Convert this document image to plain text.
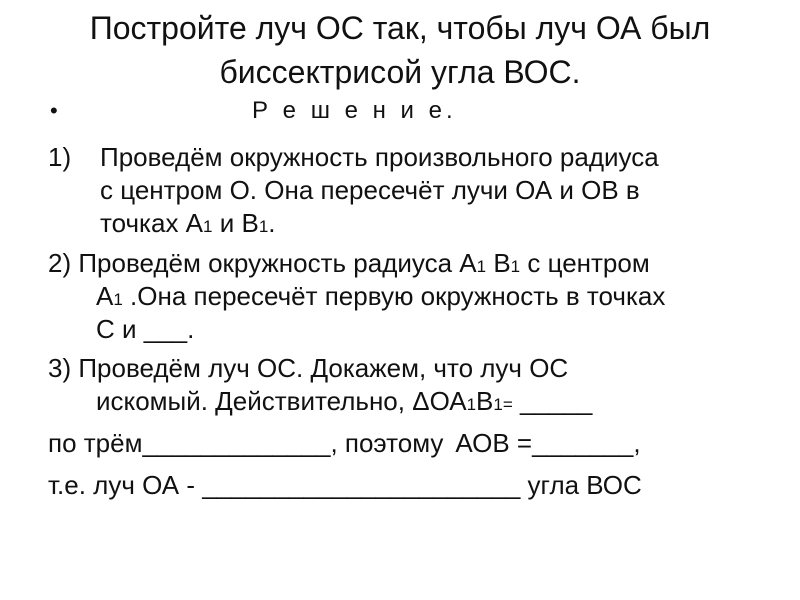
Постройте луч ОС так, чтобы луч ОА был
биссектрисой угла ВОС.
•	Р е ш е н и е.
1) Проведём окружность произвольного радиуса
с центром О. Она пересечёт лучи ОА и ОВ в
точках А1 и В1.
2) Проведём окружность радиуса А1 В1 с центром
А1 .Она пересечёт первую окружность в точках
С и ___.
3) Проведём луч ОС. Докажем, что луч ОС
искомый. Действительно, ΔОА1В1= _____
по трём_____________, поэтому АОВ =_______,
т.е. луч ОА - ______________________ угла ВОС
